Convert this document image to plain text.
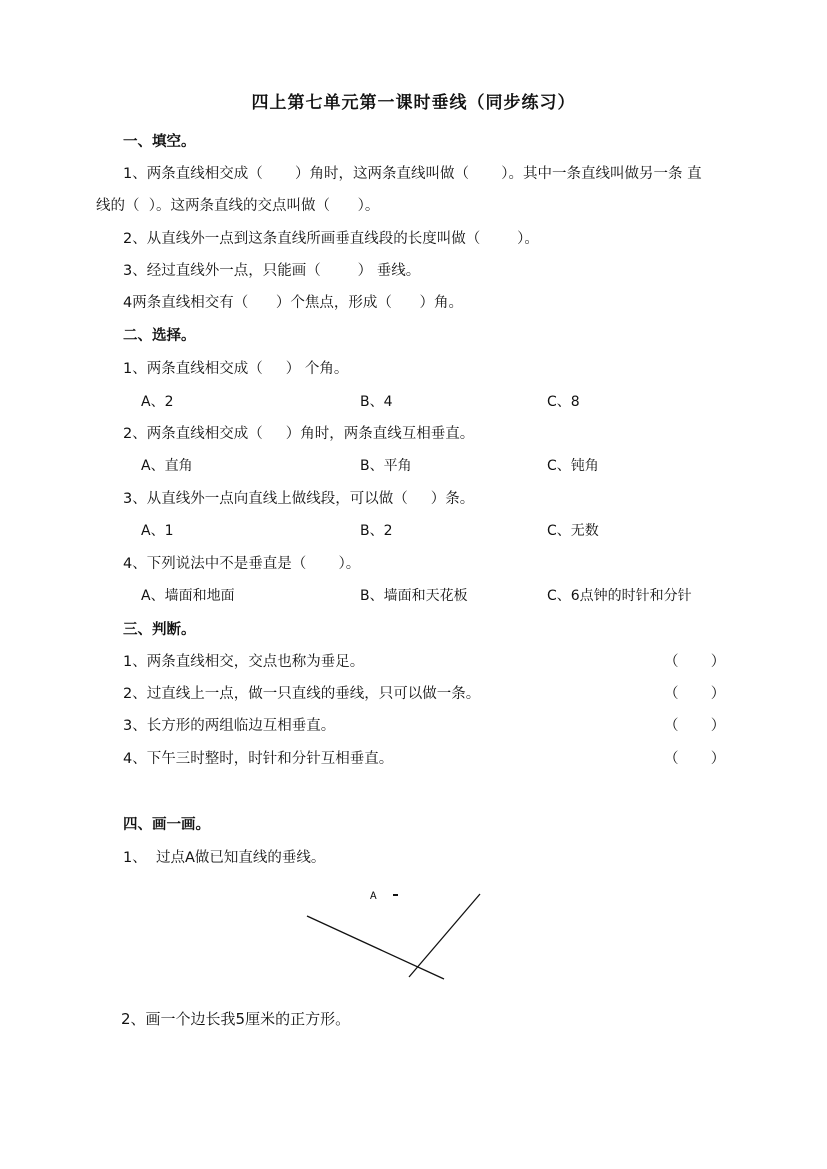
四上第七单元第一课时垂线（同步练习）
一、填空。
1、两条直线相交成（       ）角时，这两条直线叫做（       ）。其中一条直线叫做另一条 直
线的（  ）。这两条直线的交点叫做（      ）。
2、从直线外一点到这条直线所画垂直线段的长度叫做（        ）。
3、经过直线外一点，只能画（        ） 垂线。
4两条直线相交有（      ）个焦点，形成（      ）角。
二、选择。
1、两条直线相交成（     ） 个角。
A、2	B、4	C、8
2、两条直线相交成（     ）角时，两条直线互相垂直。
A、直角	B、平角	C、钝角
3、从直线外一点向直线上做线段，可以做（     ）条。
A、1	B、2	C、无数
4、下列说法中不是垂直是（       ）。
A、墙面和地面	B、墙面和天花板	C、6点钟的时针和分针
三、判断。
1、两条直线相交，交点也称为垂足。	（       ）
2、过直线上一点，做一只直线的垂线，只可以做一条。	（       ）
3、长方形的两组临边互相垂直。	（       ）
4、下午三时整时，时针和分针互相垂直。	（       ）
四、画一画。
1、  过点A做已知直线的垂线。
A
2、画一个边长我5厘米的正方形。
